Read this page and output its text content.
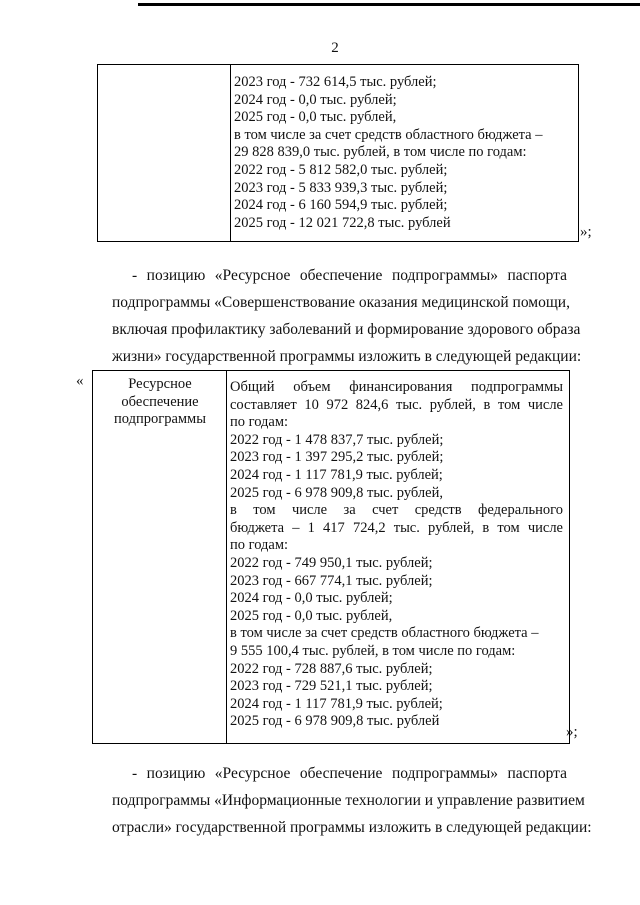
2
2023 год - 732 614,5 тыс. рублей;
2024 год - 0,0 тыс. рублей;
2025 год - 0,0 тыс. рублей,
в том числе за счет средств областного бюджета –
29 828 839,0 тыс. рублей, в том числе по годам:
2022 год - 5 812 582,0 тыс. рублей;
2023 год - 5 833 939,3 тыс. рублей;
2024 год - 6 160 594,9 тыс. рублей;
2025 год - 12 021 722,8 тыс. рублей
»;
- позицию «Ресурсное обеспечение подпрограммы» паспорта
подпрограммы «Совершенствование оказания медицинской помощи,
включая профилактику заболеваний и формирование здорового образа
жизни» государственной программы изложить в следующей редакции:
«	Ресурсное
обеспечение
подпрограммы
Общий объем финансирования подпрограммы
составляет 10 972 824,6 тыс. рублей, в том числе
по годам:
2022 год - 1 478 837,7 тыс. рублей;
2023 год - 1 397 295,2 тыс. рублей;
2024 год - 1 117 781,9 тыс. рублей;
2025 год - 6 978 909,8 тыс. рублей,
в том числе за счет средств федерального
бюджета – 1 417 724,2 тыс. рублей, в том числе
по годам:
2022 год - 749 950,1 тыс. рублей;
2023 год - 667 774,1 тыс. рублей;
2024 год - 0,0 тыс. рублей;
2025 год - 0,0 тыс. рублей,
в том числе за счет средств областного бюджета –
9 555 100,4 тыс. рублей, в том числе по годам:
2022 год - 728 887,6 тыс. рублей;
2023 год - 729 521,1 тыс. рублей;
2024 год - 1 117 781,9 тыс. рублей;
2025 год - 6 978 909,8 тыс. рублей
»;
- позицию «Ресурсное обеспечение подпрограммы» паспорта
подпрограммы «Информационные технологии и управление развитием
отрасли» государственной программы изложить в следующей редакции:
